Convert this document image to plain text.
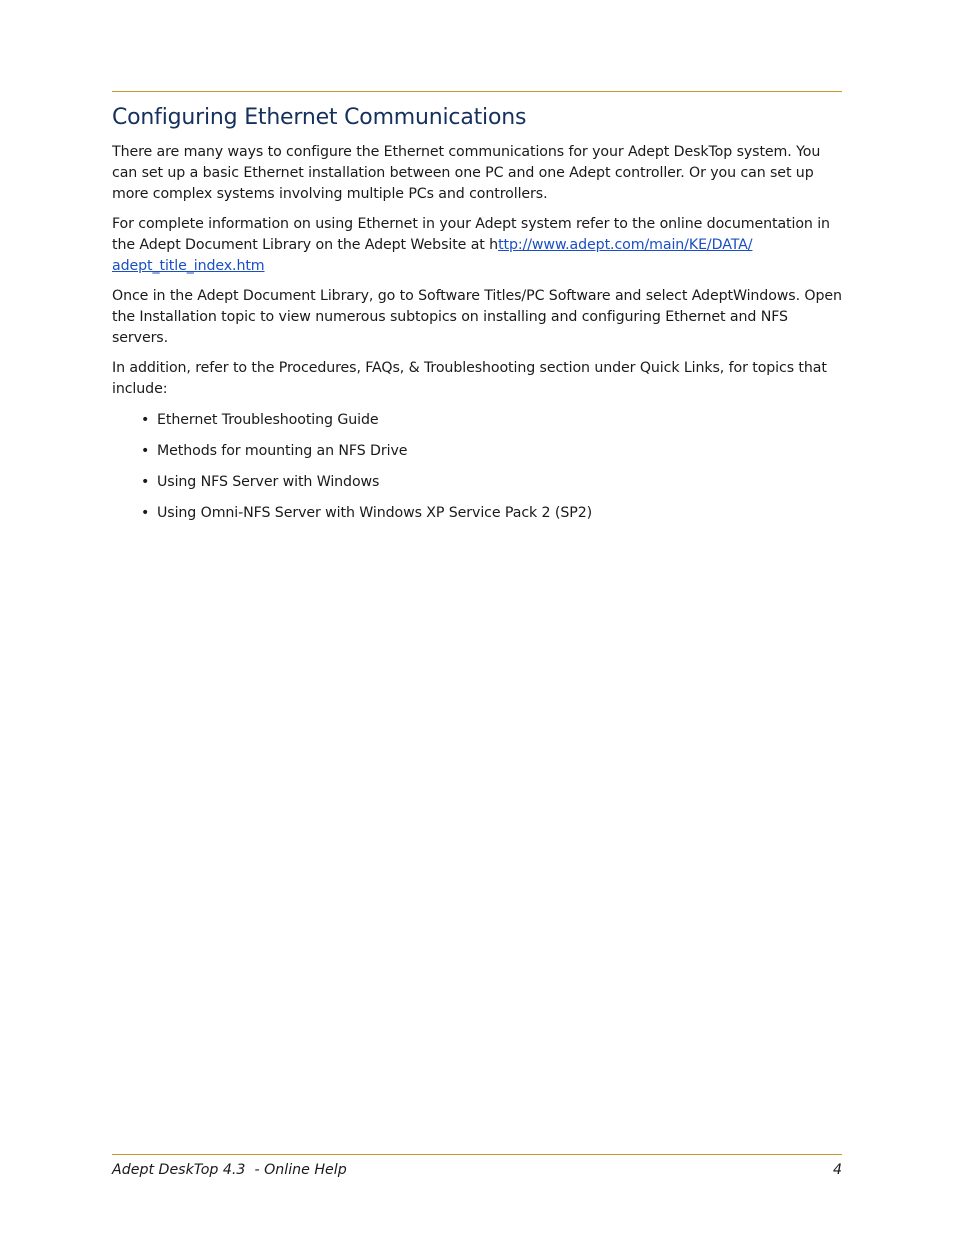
Configuring Ethernet Communications

There are many ways to configure the Ethernet communications for your Adept DeskTop system. You can set up a basic Ethernet installation between one PC and one Adept controller. Or you can set up more complex systems involving multiple PCs and controllers.

For complete information on using Ethernet in your Adept system refer to the online documentation in the Adept Document Library on the Adept Website at http://www.adept.com/main/KE/DATA/ adept_title_index.htm

Once in the Adept Document Library, go to Software Titles/PC Software and select AdeptWindows. Open the Installation topic to view numerous subtopics on installing and configuring Ethernet and NFS servers.

In addition, refer to the Procedures, FAQs, & Troubleshooting section under Quick Links, for topics that include:

• Ethernet Troubleshooting Guide
• Methods for mounting an NFS Drive
• Using NFS Server with Windows
• Using Omni-NFS Server with Windows XP Service Pack 2 (SP2)
Adept DeskTop 4.3  - Online Help	4
